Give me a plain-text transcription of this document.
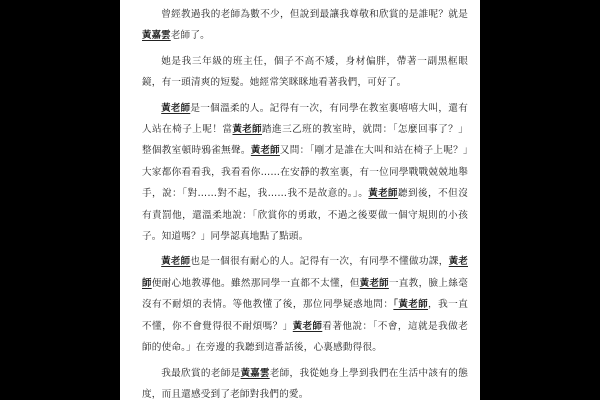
曾經教過我的老師為數不少，但說到最讓我尊敬和欣賞的是誰呢？就是黃嘉雲老師了。

她是我三年級的班主任，個子不高不矮，身材偏胖，帶著一副黑框眼鏡，有一頭清爽的短髮。她經常笑眯眯地看著我們，可好了。

黃老師是一個溫柔的人。記得有一次，有同學在教室裏嘻嘻大叫，還有人站在椅子上呢！當黃老師踏進三乙班的教室時，就問：「怎麼回事了？」整個教室頓時鴉雀無聲。黃老師又問：「剛才是誰在大叫和站在椅子上呢？」大家都你看看我，我看看你……在安靜的教室裏，有一位同學戰戰兢兢地舉手，說：「對……對不起，我……我不是故意的。」。黃老師聽到後，不但沒有責罰他，還溫柔地說：「欣賞你的勇敢，不過之後要做一個守規則的小孩子。知道嗎？」同學認真地點了點頭。

黃老師也是一個很有耐心的人。記得有一次，有同學不懂做功課，黃老師便耐心地教導他。雖然那同學一直都不太懂，但黃老師一直教，臉上絲毫沒有不耐煩的表情。等他教懂了後，那位同學疑惑地問：「黃老師，我一直不懂，你不會覺得很不耐煩嗎？」黃老師看著他說：「不會，這就是我做老師的使命。」在旁邊的我聽到這番話後，心裏感動得很。

我最欣賞的老師是黃嘉雲老師，我從她身上學到我們在生活中該有的態度，而且還感受到了老師對我們的愛。
